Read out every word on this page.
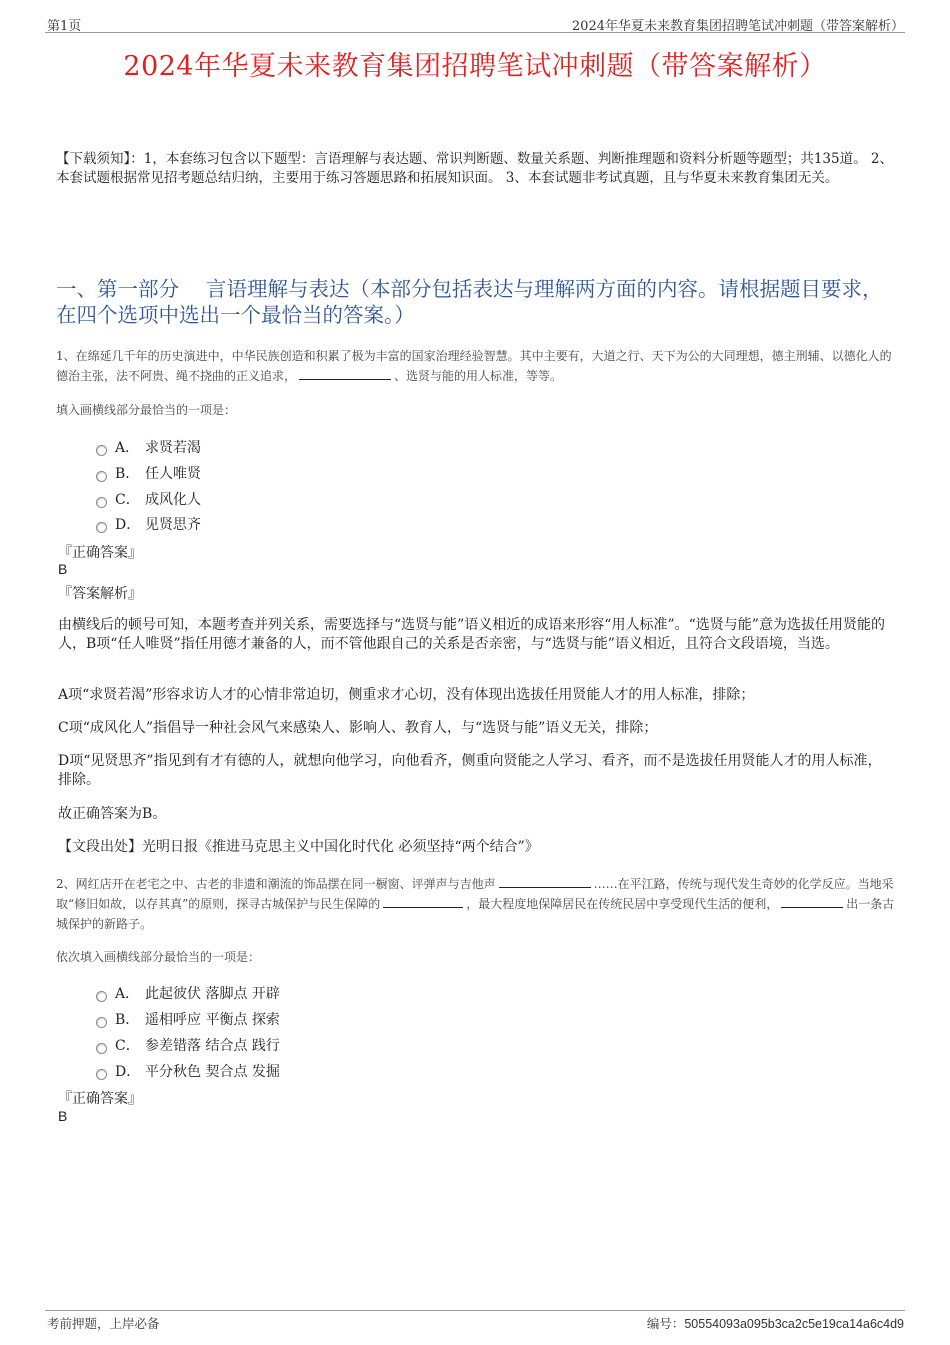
第1页	2024年华夏未来教育集团招聘笔试冲刺题（带答案解析）
2024年华夏未来教育集团招聘笔试冲刺题（带答案解析）
【下载须知】：1，本套练习包含以下题型：言语理解与表达题、常识判断题、数量关系题、判断推理题和资料分析题等题型；共135道。 2、本套试题根据常见招考题总结归纳，主要用于练习答题思路和拓展知识面。 3、本套试题非考试真题，且与华夏未来教育集团无关。
一、第一部分　 言语理解与表达（本部分包括表达与理解两方面的内容。请根据题目要求，在四个选项中选出一个最恰当的答案。）
1、在绵延几千年的历史演进中，中华民族创造和积累了极为丰富的国家治理经验智慧。其中主要有，大道之行、天下为公的大同理想，德主刑辅、以德化人的德治主张，法不阿贵、绳不挠曲的正义追求，	、选贤与能的用人标准，等等。
填入画横线部分最恰当的一项是：
A． 求贤若渴
B． 任人唯贤
C． 成风化人
D． 见贤思齐
『正确答案』
B
『答案解析』
由横线后的顿号可知，本题考查并列关系，需要选择与“选贤与能”语义相近的成语来形容“用人标准”。“选贤与能”意为选拔任用贤能的人，B项“任人唯贤”指任用德才兼备的人，而不管他跟自己的关系是否亲密，与“选贤与能”语义相近，且符合文段语境，当选。
A项“求贤若渴”形容求访人才的心情非常迫切，侧重求才心切，没有体现出选拔任用贤能人才的用人标准，排除；
C项“成风化人”指倡导一种社会风气来感染人、影响人、教育人，与“选贤与能”语义无关，排除；
D项“见贤思齐”指见到有才有德的人，就想向他学习，向他看齐，侧重向贤能之人学习、看齐，而不是选拔任用贤能人才的用人标准，排除。
故正确答案为B。
【文段出处】光明日报《推进马克思主义中国化时代化 必须坚持“两个结合”》
2、网红店开在老宅之中、古老的非遗和潮流的饰品摆在同一橱窗、评弹声与吉他声	……在平江路，传统与现代发生奇妙的化学反应。当地采取“修旧如故，以存其真”的原则，探寻古城保护与民生保障的	，最大程度地保障居民在传统民居中享受现代生活的便利，	出一条古城保护的新路子。
依次填入画横线部分最恰当的一项是：
A． 此起彼伏 落脚点 开辟
B． 遥相呼应 平衡点 探索
C． 参差错落 结合点 践行
D． 平分秋色 契合点 发掘
『正确答案』
B
考前押题，上岸必备	编号：50554093a095b3ca2c5e19ca14a6c4d9
